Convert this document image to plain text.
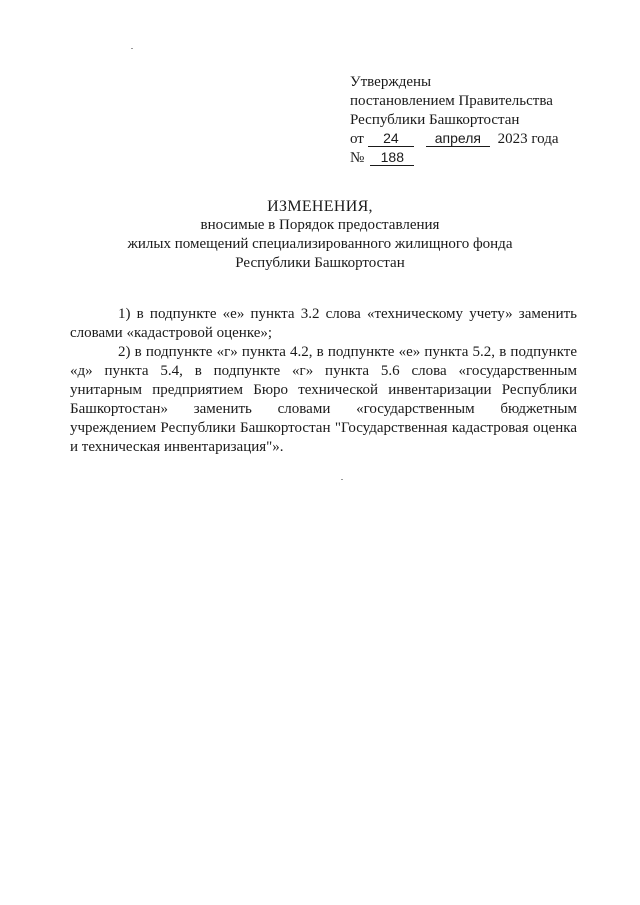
Утверждены
постановлением Правительства
Республики Башкортостан
от 24	апреля 2023 года
№ 188
ИЗМЕНЕНИЯ,
вносимые в Порядок предоставления
жилых помещений специализированного жилищного фонда
Республики Башкортостан

1) в подпункте «е» пункта 3.2 слова «техническому учету» заменить словами «кадастровой оценке»;

2) в подпункте «г» пункта 4.2, в подпункте «е» пункта 5.2, в подпункте «д» пункта 5.4, в подпункте «г» пункта 5.6 слова «государственным унитарным предприятием Бюро технической инвентаризации Республики Башкортостан» заменить словами «государственным бюджетным учреждением Республики Башкортостан "Государственная кадастровая оценка и техническая инвентаризация"».
